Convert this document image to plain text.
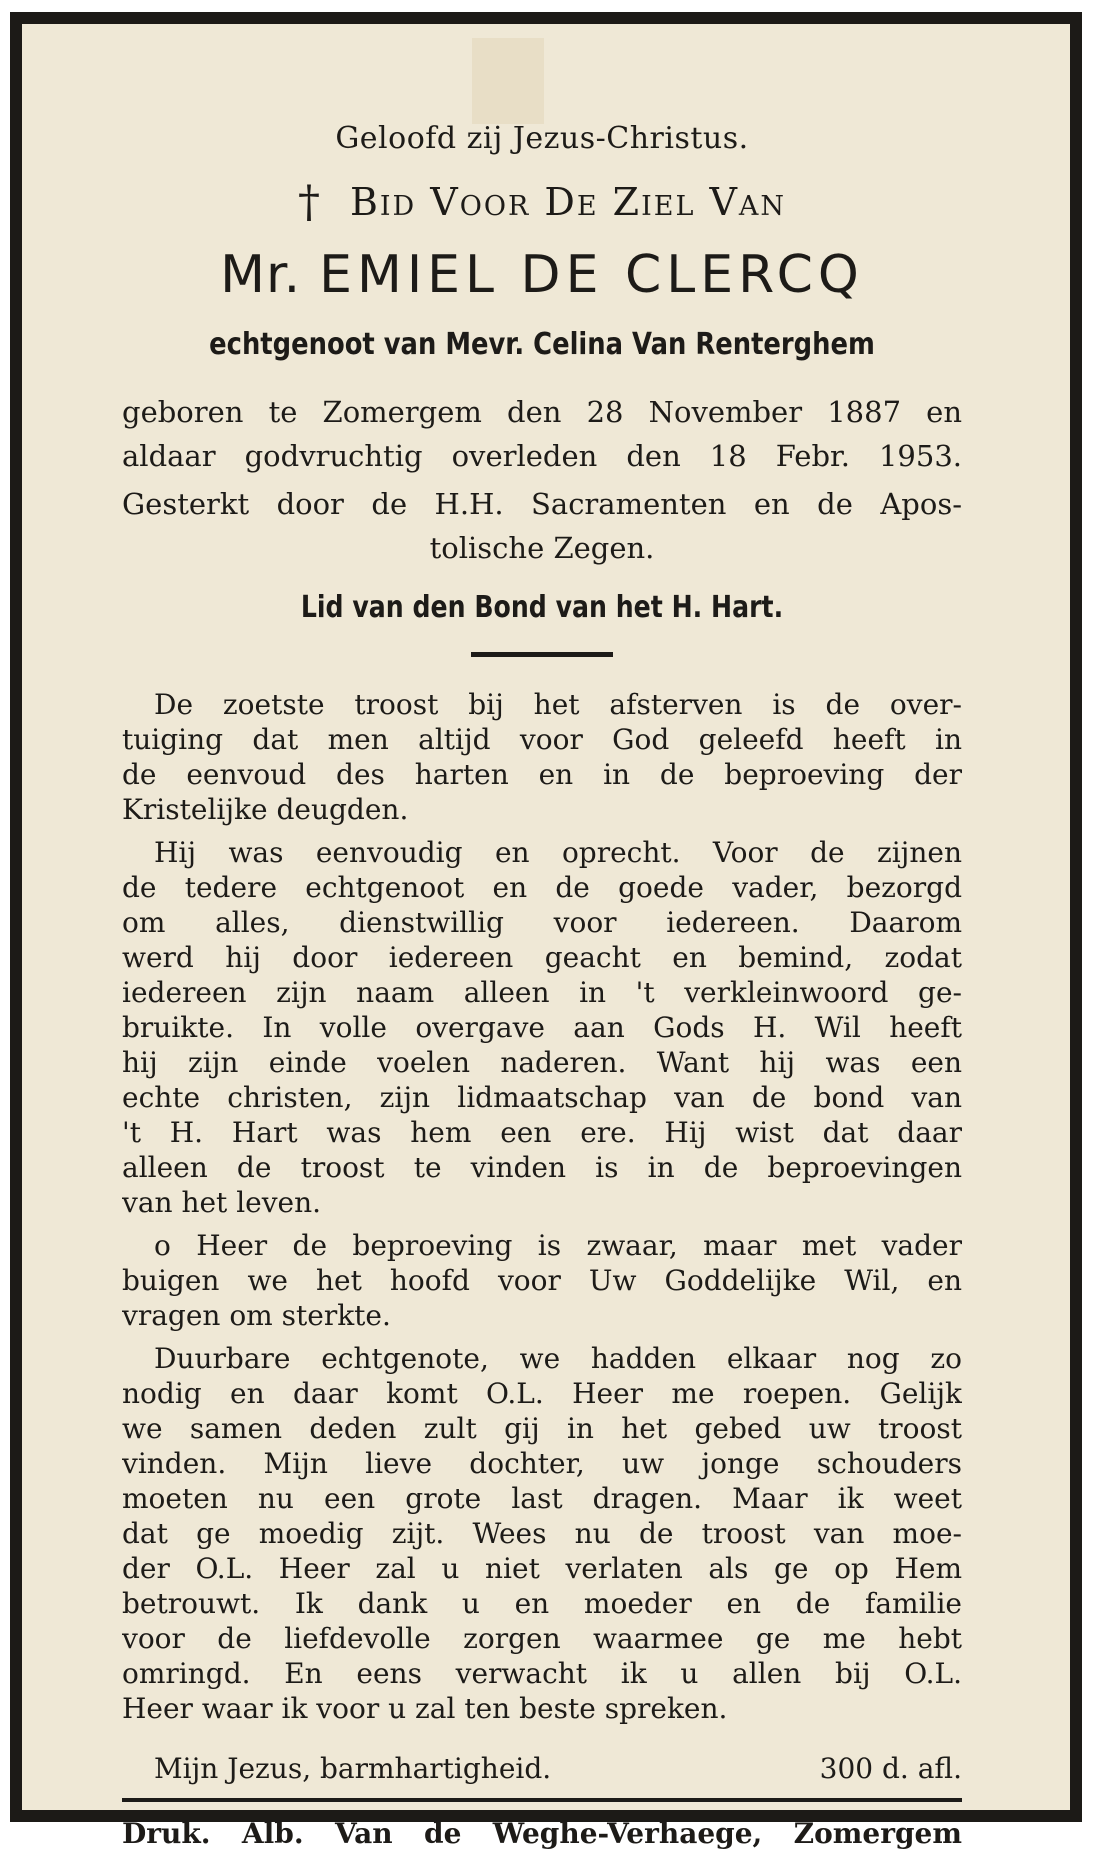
Geloofd zij Jezus-Christus.

† Bid Voor De Ziel Van

Mr. EMIEL DE CLERCQ

echtgenoot van Mevr. Celina Van Renterghem

geboren te Zomergem den 28 November 1887 en
aldaar godvruchtig overleden den 18 Febr. 1953.
Gesterkt door de H.H. Sacramenten en de Apos-
tolische Zegen.

Lid van den Bond van het H. Hart.

De zoetste troost bij het afsterven is de over-
tuiging dat men altijd voor God geleefd heeft in
de eenvoud des harten en in de beproeving der
Kristelijke deugden.
Hij was eenvoudig en oprecht. Voor de zijnen
de tedere echtgenoot en de goede vader, bezorgd
om alles, dienstwillig voor iedereen. Daarom
werd hij door iedereen geacht en bemind, zodat
iedereen zijn naam alleen in 't verkleinwoord ge-
bruikte. In volle overgave aan Gods H. Wil heeft
hij zijn einde voelen naderen. Want hij was een
echte christen, zijn lidmaatschap van de bond van
't H. Hart was hem een ere. Hij wist dat daar
alleen de troost te vinden is in de beproevingen
van het leven.
o Heer de beproeving is zwaar, maar met vader
buigen we het hoofd voor Uw Goddelijke Wil, en
vragen om sterkte.
Duurbare echtgenote, we hadden elkaar nog zo
nodig en daar komt O.L. Heer me roepen. Gelijk
we samen deden zult gij in het gebed uw troost
vinden. Mijn lieve dochter, uw jonge schouders
moeten nu een grote last dragen. Maar ik weet
dat ge moedig zijt. Wees nu de troost van moe-
der O.L. Heer zal u niet verlaten als ge op Hem
betrouwt. Ik dank u en moeder en de familie
voor de liefdevolle zorgen waarmee ge me hebt
omringd. En eens verwacht ik u allen bij O.L.
Heer waar ik voor u zal ten beste spreken.
Mijn Jezus, barmhartigheid.	300 d. afl.
Druk. Alb. Van de Weghe-Verhaege, Zomergem
